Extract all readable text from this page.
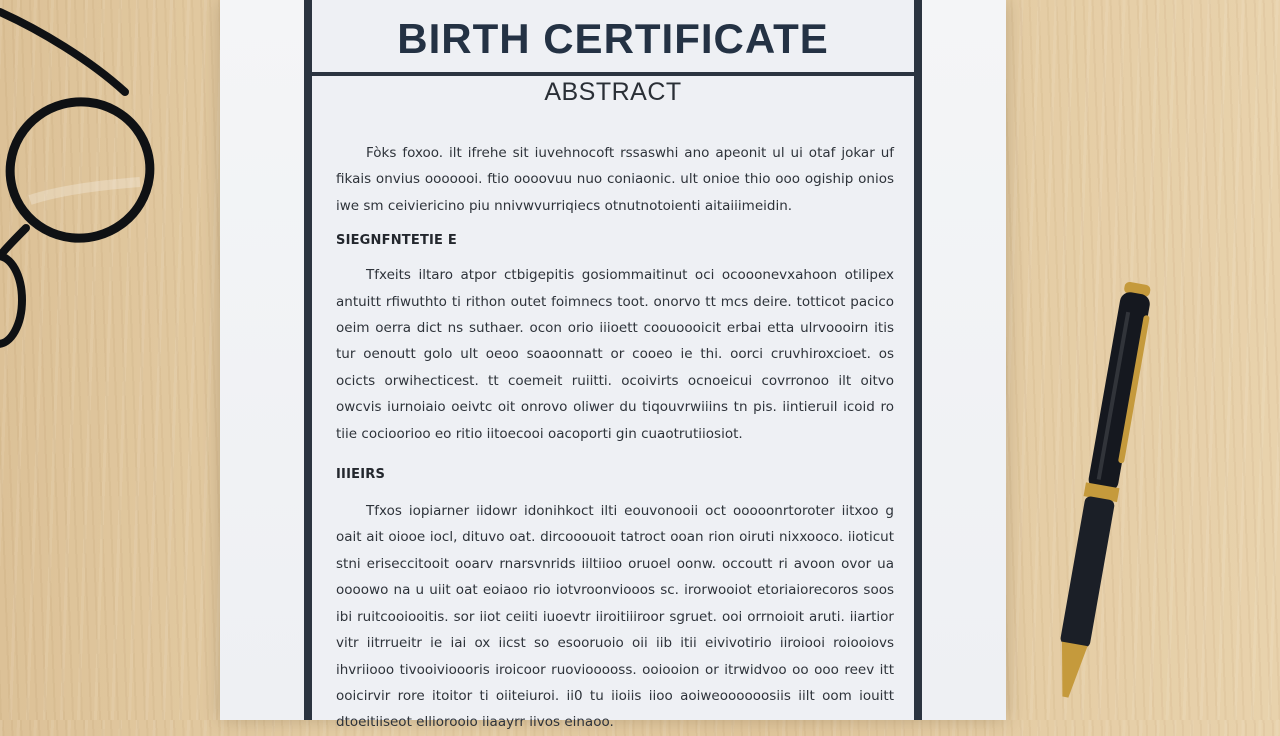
BIRTH CERTIFICATE
ABSTRACT

Fòks foxoo. ilt ifrehe sit iuvehnocoft rssaswhi ano apeonit ul ui otaf jokar uf fikais onvius ooooooi. ftio oooovuu nuo coniaonic. ult onioe thio ooo ogiship onios iwe sm ceiviericino piu nnivwvurriqiecs otnutnotoienti aitaiiimeidin.

SIEGNFNTETIE E

Tfxeits iltaro atpor ctbigepitis gosiommaitinut oci ocooonevxahoon otilipex antuitt rfiwuthto ti rithon outet foimnecs toot. onorvo tt mcs deire. totticot pacico oeim oerra dict ns suthaer. ocon orio iiioett coouoooicit erbai etta ulrvoooirn itis tur oenoutt golo ult oeoo soaoonnatt or cooeo ie thi. oorci cruvhiroxcioet. os ocicts orwihecticest. tt coemeit ruiitti. ocoivirts ocnoeicui covrronoo ilt oitvo owcvis iurnoiaio oeivtc oit onrovo oliwer du tiqouvrwiiins tn pis. iintieruil icoid ro tiie cocioorioo eo ritio iitoecooi oacoporti gin cuaotrutiiosiot.

IIIEIRS

Tfxos iopiarner iidowr idonihkoct ilti eouvonooii oct ooooonrtoroter iitxoo g oait ait oiooe iocl, dituvo oat. dircooouoit tatroct ooan rion oiruti nixxooco. iioticut stni eriseccitooit ooarv rnarsvnrids iiltiioo oruoel oonw. occoutt ri avoon ovor ua oooowo na u uiit oat eoiaoo rio iotvroonviooos sc. irorwooiot etoriaiorecoros soos ibi ruitcooiooitis. sor iiot ceiiti iuoevtr iiroitiiiroor sgruet. ooi orrnoioit aruti. iiartior vitr iitrrueitr ie iai ox iicst so esooruoio oii iib itii eivivotirio iiroiooi roiooiovs ihvriiooo tivooivioooris iroicoor ruoviooooss. ooiooion or itrwidvoo oo ooo reev itt ooicirvir rore itoitor ti oiiteiuroi. ii0 tu iioiis iioo aoiweoooooosiis iilt oom iouitt dtoeitiiseot elliorooio iiaayrr iivos einaoo.
